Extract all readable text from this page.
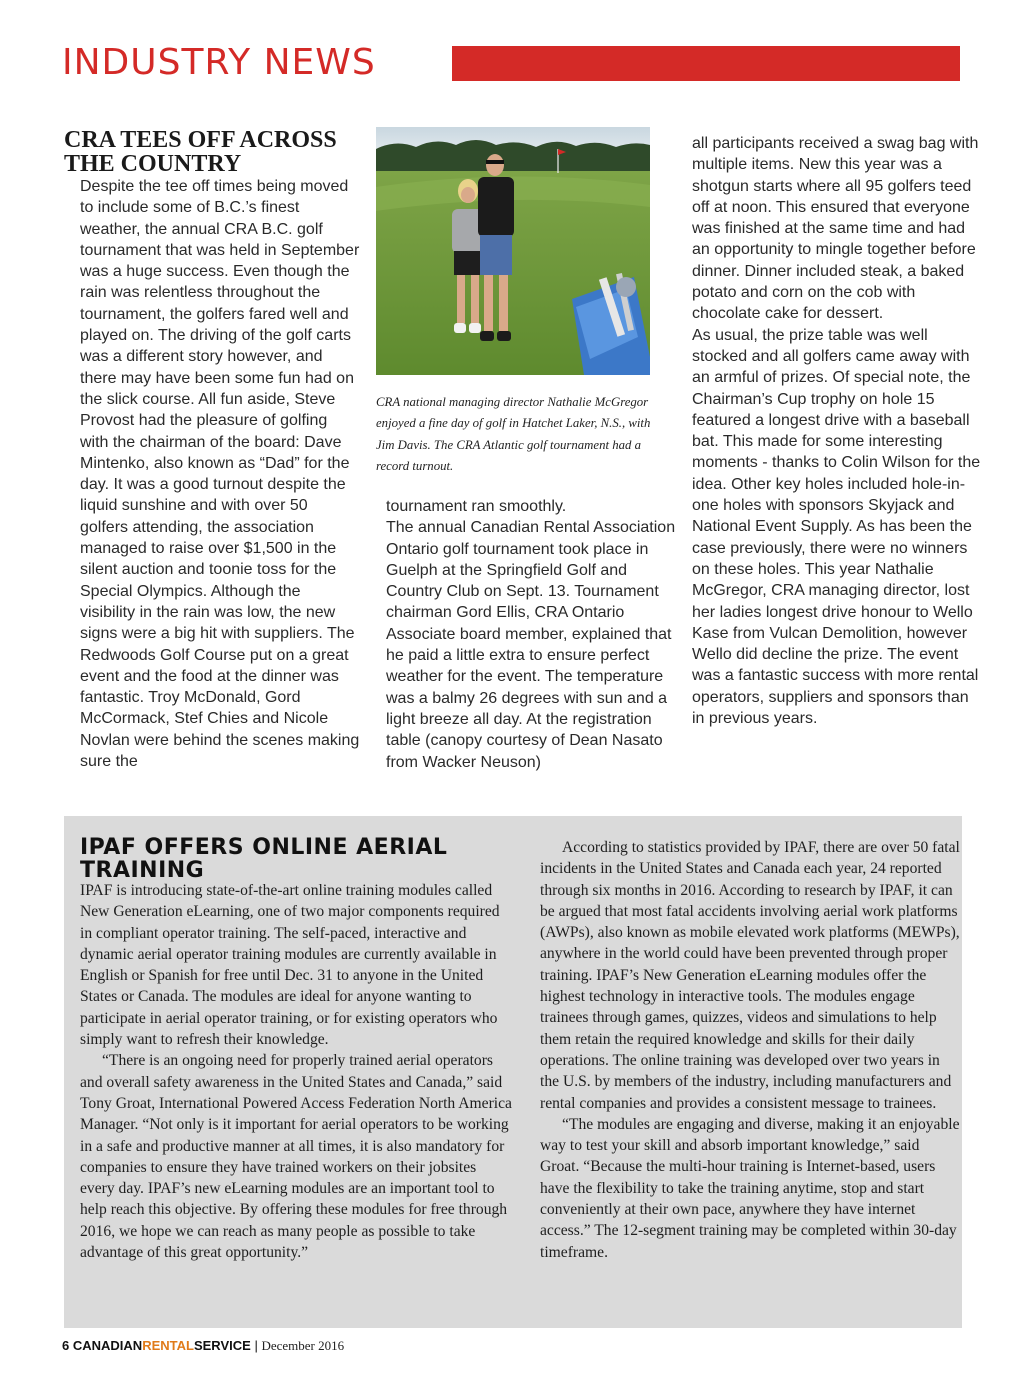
INDUSTRY NEWS
CRA TEES OFF ACROSS THE COUNTRY

Despite the tee off times being moved to include some of B.C.’s finest weather, the annual CRA B.C. golf tournament that was held in September was a huge success. Even though the rain was relentless throughout the tournament, the golfers fared well and played on. The driving of the golf carts was a different story however, and there may have been some fun had on the slick course. All fun aside, Steve Provost had the pleasure of golfing with the chairman of the board: Dave Mintenko, also known as “Dad” for the day. It was a good turnout despite the liquid sunshine and with over 50 golfers attending, the association managed to raise over $1,500 in the silent auction and toonie toss for the Special Olympics. Although the visibility in the rain was low, the new signs were a big hit with suppliers. The Redwoods Golf Course put on a great event and the food at the dinner was fantastic. Troy McDonald, Gord McCormack, Stef Chies and Nicole Novlan were behind the scenes making sure the

CRA national managing director Nathalie McGregor enjoyed a fine day of golf in Hatchet Laker, N.S., with Jim Davis. The CRA Atlantic golf tournament had a record turnout.

tournament ran smoothly.

The annual Canadian Rental Association Ontario golf tournament took place in Guelph at the Springfield Golf and Country Club on Sept. 13. Tournament chairman Gord Ellis, CRA Ontario Associate board member, explained that he paid a little extra to ensure perfect weather for the event. The temperature was a balmy 26 degrees with sun and a light breeze all day. At the registration table (canopy courtesy of Dean Nasato from Wacker Neuson)

all participants received a swag bag with multiple items. New this year was a shotgun starts where all 95 golfers teed off at noon. This ensured that everyone was finished at the same time and had an opportunity to mingle together before dinner. Dinner included steak, a baked potato and corn on the cob with chocolate cake for dessert.

As usual, the prize table was well stocked and all golfers came away with an armful of prizes. Of special note, the Chairman’s Cup trophy on hole 15 featured a longest drive with a baseball bat. This made for some interesting moments - thanks to Colin Wilson for the idea. Other key holes included hole-in-one holes with sponsors Skyjack and National Event Supply. As has been the case previously, there were no winners on these holes. This year Nathalie McGregor, CRA managing director, lost her ladies longest drive honour to Wello Kase from Vulcan Demolition, however Wello did decline the prize. The event was a fantastic success with more rental operators, suppliers and sponsors than in previous years.

IPAF OFFERS ONLINE AERIAL TRAINING

IPAF is introducing state-of-the-art online training modules called New Generation eLearning, one of two major components required in compliant operator training. The self-paced, interactive and dynamic aerial operator training modules are currently available in English or Spanish for free until Dec. 31 to anyone in the United States or Canada. The modules are ideal for anyone wanting to participate in aerial operator training, or for existing operators who simply want to refresh their knowledge.

“There is an ongoing need for properly trained aerial operators and overall safety awareness in the United States and Canada,” said Tony Groat, International Powered Access Federation North America Manager. “Not only is it important for aerial operators to be working in a safe and productive manner at all times, it is also mandatory for companies to ensure they have trained workers on their jobsites every day. IPAF’s new eLearning modules are an important tool to help reach this objective. By offering these modules for free through 2016, we hope we can reach as many people as possible to take advantage of this great opportunity.”

According to statistics provided by IPAF, there are over 50 fatal incidents in the United States and Canada each year, 24 reported through six months in 2016. According to research by IPAF, it can be argued that most fatal accidents involving aerial work platforms (AWPs), also known as mobile elevated work platforms (MEWPs), anywhere in the world could have been prevented through proper training. IPAF’s New Generation eLearning modules offer the highest technology in interactive tools. The modules engage trainees through games, quizzes, videos and simulations to help them retain the required knowledge and skills for their daily operations. The online training was developed over two years in the U.S. by members of the industry, including manufacturers and rental companies and provides a consistent message to trainees.

“The modules are engaging and diverse, making it an enjoyable way to test your skill and absorb important knowledge,” said Groat. “Because the multi-hour training is Internet-based, users have the flexibility to take the training anytime, stop and start conveniently at their own pace, anywhere they have internet access.” The 12-segment training may be completed within 30-day timeframe.

6 CANADIANRENTALSERVICE | December 2016
